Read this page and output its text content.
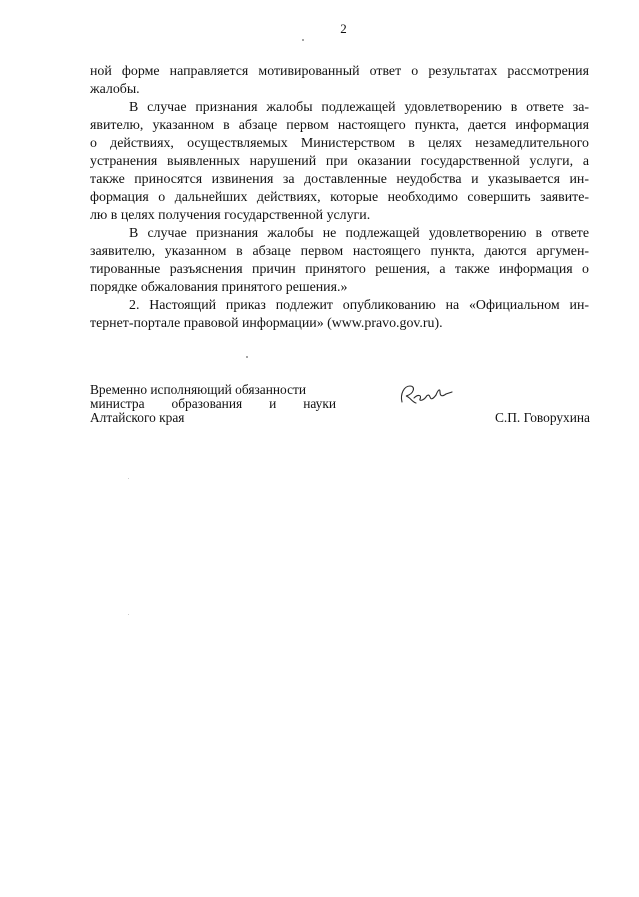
2

ной форме направляется мотивированный ответ о результатах рассмотрения
жалобы.

В случае признания жалобы подлежащей удовлетворению в ответе за-
явителю, указанном в абзаце первом настоящего пункта, дается информация
о действиях, осуществляемых Министерством в целях незамедлительного
устранения выявленных нарушений при оказании государственной услуги, а
также приносятся извинения за доставленные неудобства и указывается ин-
формация о дальнейших действиях, которые необходимо совершить заявите-
лю в целях получения государственной услуги.

В случае признания жалобы не подлежащей удовлетворению в ответе
заявителю, указанном в абзаце первом настоящего пункта, даются аргумен-
тированные разъяснения причин принятого решения, а также информация о
порядке обжалования принятого решения.»

2. Настоящий приказ подлежит опубликованию на «Официальном ин-
тернет-портале правовой информации» (www.pravo.gov.ru).

Временно исполняющий обязанности
министра образования и науки
Алтайского края	С.П. Говорухина
